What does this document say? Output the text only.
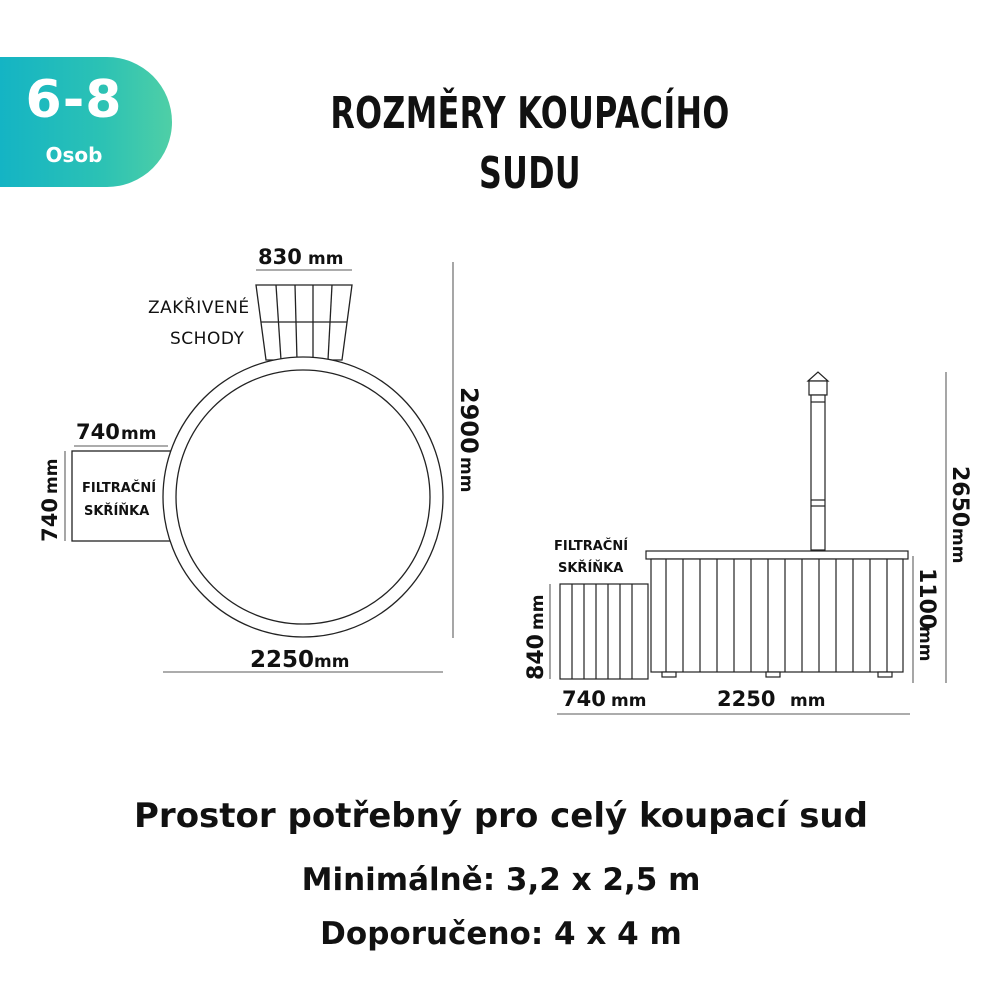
6-8
Osob
ROZMĚRY KOUPACÍHO SUDU
830 mm
ZAKŘIVENÉ
SCHODY
740 mm
740
mm FILTRAČNÍ
SKŘÍŇKA
2900
mm
2250 mm
FILTRAČNÍ
SKŘÍŇKA
840
mm	1100
mm
2650
mm
740 mm	2250 mm
Prostor potřebný pro celý koupací sud
Minimálně: 3,2 x 2,5 m
Doporučeno: 4 x 4 m
